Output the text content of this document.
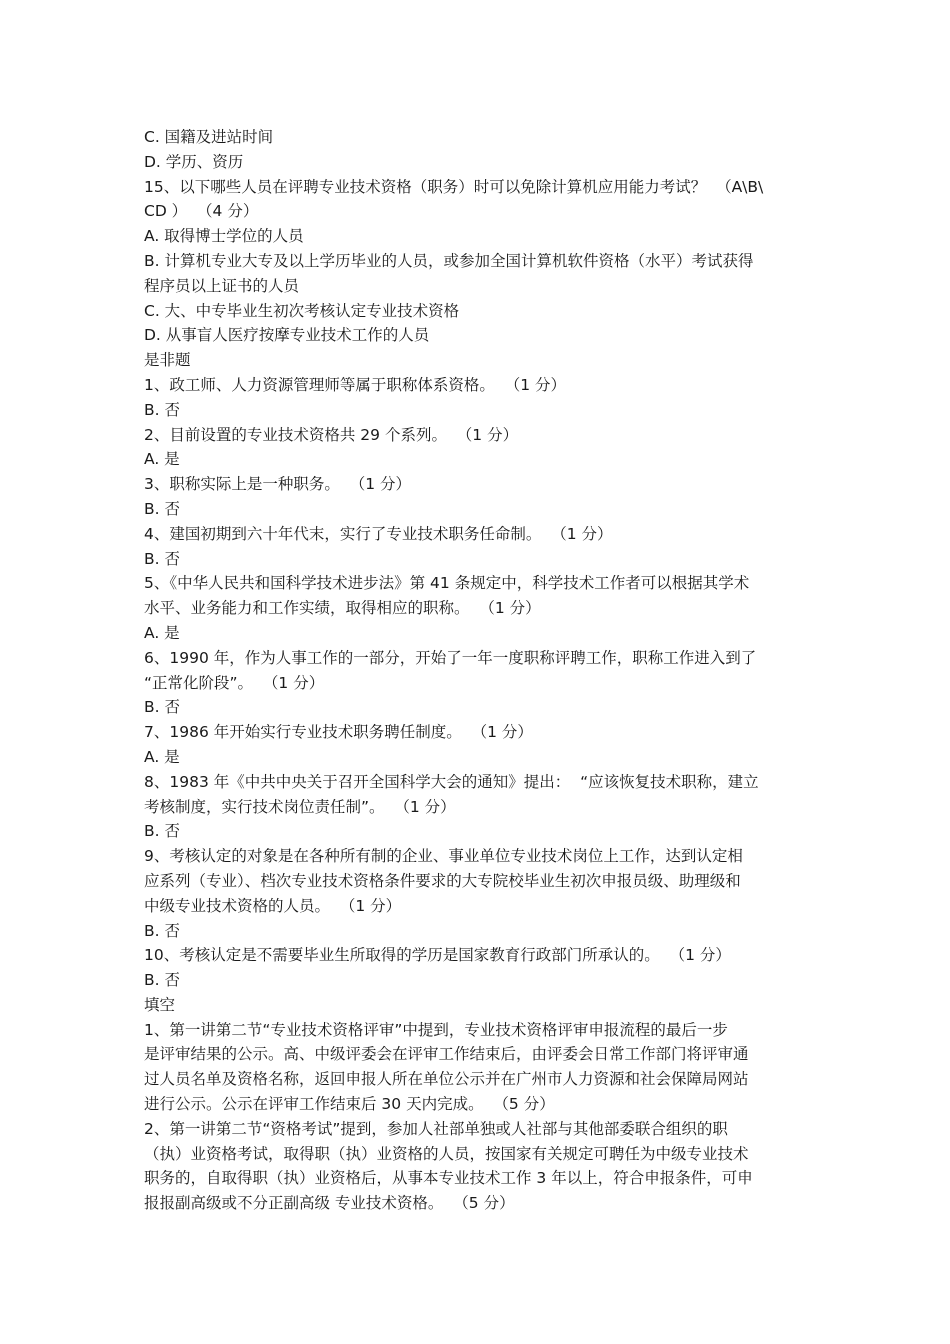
C. 国籍及进站时间
D. 学历、资历
15、以下哪些人员在评聘专业技术资格（职务）时可以免除计算机应用能力考试？  （A\B\
CD ）  （4 分）
A. 取得博士学位的人员
B. 计算机专业大专及以上学历毕业的人员，或参加全国计算机软件资格（水平）考试获得
程序员以上证书的人员
C. 大、中专毕业生初次考核认定专业技术资格
D. 从事盲人医疗按摩专业技术工作的人员
是非题
1、政工师、人力资源管理师等属于职称体系资格。  （1 分）
B. 否
2、目前设置的专业技术资格共 29 个系列。  （1 分）
A. 是
3、职称实际上是一种职务。  （1 分）
B. 否
4、建国初期到六十年代末，实行了专业技术职务任命制。  （1 分）
B. 否
5、《中华人民共和国科学技术进步法》第 41 条规定中，科学技术工作者可以根据其学术
水平、业务能力和工作实绩，取得相应的职称。  （1 分）
A. 是
6、1990 年，作为人事工作的一部分，开始了一年一度职称评聘工作，职称工作进入到了
“正常化阶段”。  （1 分）
B. 否
7、1986 年开始实行专业技术职务聘任制度。  （1 分）
A. 是
8、1983 年《中共中央关于召开全国科学大会的通知》提出：  “应该恢复技术职称，建立
考核制度，实行技术岗位责任制”。  （1 分）
B. 否
9、考核认定的对象是在各种所有制的企业、事业单位专业技术岗位上工作，达到认定相
应系列（专业）、档次专业技术资格条件要求的大专院校毕业生初次申报员级、助理级和
中级专业技术资格的人员。  （1 分）
B. 否
10、考核认定是不需要毕业生所取得的学历是国家教育行政部门所承认的。  （1 分）
B. 否
填空
1、第一讲第二节“专业技术资格评审”中提到，专业技术资格评审申报流程的最后一步
是评审结果的公示。高、中级评委会在评审工作结束后，由评委会日常工作部门将评审通
过人员名单及资格名称，返回申报人所在单位公示并在广州市人力资源和社会保障局网站
进行公示。公示在评审工作结束后 30 天内完成。  （5 分）
2、第一讲第二节“资格考试”提到，参加人社部单独或人社部与其他部委联合组织的职
（执）业资格考试，取得职（执）业资格的人员，按国家有关规定可聘任为中级专业技术
职务的，自取得职（执）业资格后，从事本专业技术工作 3 年以上，符合申报条件，可申
报报副高级或不分正副高级 专业技术资格。  （5 分）
